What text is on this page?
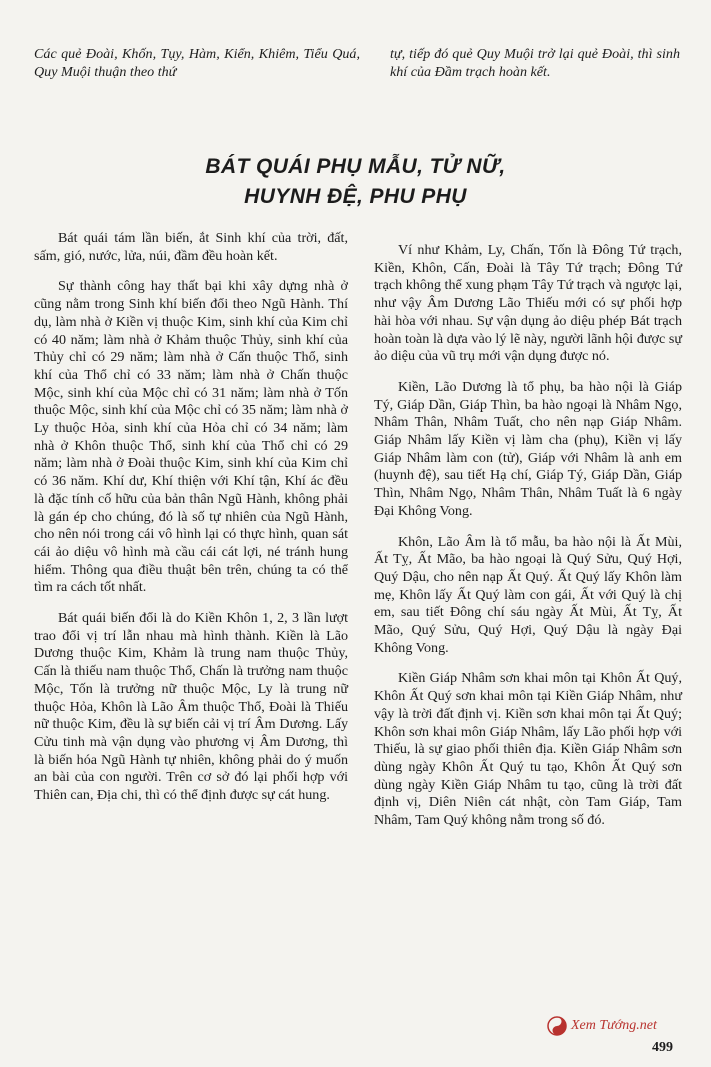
Các quẻ Đoài, Khốn, Tụy, Hàm, Kiển, Khiêm, Tiểu Quá, Quy Muội thuận theo thứ

tự, tiếp đó quẻ Quy Muội trở lại quẻ Đoài, thì sinh khí của Đầm trạch hoàn kết.

BÁT QUÁI PHỤ MẪU, TỬ NỮ,
HUYNH ĐỆ, PHU PHỤ

Bát quái tám lần biến, ắt Sinh khí của trời, đất, sấm, gió, nước, lửa, núi, đầm đều hoàn kết.

Sự thành công hay thất bại khi xây dựng nhà ở cũng nằm trong Sinh khí biến đổi theo Ngũ Hành. Thí dụ, làm nhà ở Kiền vị thuộc Kim, sinh khí của Kim chỉ có 40 năm; làm nhà ở Khảm thuộc Thủy, sinh khí của Thủy chỉ có 29 năm; làm nhà ở Cấn thuộc Thổ, sinh khí của Thổ chỉ có 33 năm; làm nhà ở Chấn thuộc Mộc, sinh khí của Mộc chỉ có 31 năm; làm nhà ở Tốn thuộc Mộc, sinh khí của Mộc chỉ có 35 năm; làm nhà ở Ly thuộc Hỏa, sinh khí của Hỏa chỉ có 34 năm; làm nhà ở Khôn thuộc Thổ, sinh khí của Thổ chỉ có 29 năm; làm nhà ở Đoài thuộc Kim, sinh khí của Kim chỉ có 36 năm. Khí dư, Khí thiện với Khí tận, Khí ác đều là đặc tính cố hữu của bản thân Ngũ Hành, không phải là gán ép cho chúng, đó là số tự nhiên của Ngũ Hành, cho nên nói trong cái vô hình lại có thực hình, quan sát cái ảo diệu vô hình mà cầu cái cát lợi, né tránh hung hiểm. Thông qua điều thuật bên trên, chúng ta có thể tìm ra cách tốt nhất.

Bát quái biến đổi là do Kiền Khôn 1, 2, 3 lần lượt trao đổi vị trí lẫn nhau mà hình thành. Kiền là Lão Dương thuộc Kim, Khảm là trung nam thuộc Thủy, Cấn là thiếu nam thuộc Thổ, Chấn là trưởng nam thuộc Mộc, Tốn là trưởng nữ thuộc Mộc, Ly là trung nữ thuộc Hỏa, Khôn là Lão Âm thuộc Thổ, Đoài là Thiếu nữ thuộc Kim, đều là sự biến cải vị trí Âm Dương. Lấy Cửu tinh mà vận dụng vào phương vị Âm Dương, thì là biến hóa Ngũ Hành tự nhiên, không phải do ý muốn an bài của con người. Trên cơ sở đó lại phối hợp với Thiên can, Địa chi, thì có thể định được sự cát hung.

Ví như Khảm, Ly, Chấn, Tốn là Đông Tứ trạch, Kiền, Khôn, Cấn, Đoài là Tây Tứ trạch; Đông Tứ trạch không thể xung phạm Tây Tứ trạch và ngược lại, như vậy Âm Dương Lão Thiếu mới có sự phối hợp hài hòa với nhau. Sự vận dụng ảo diệu phép Bát trạch hoàn toàn là dựa vào lý lẽ này, người lãnh hội được sự ảo diệu của vũ trụ mới vận dụng được nó.

Kiền, Lão Dương là tổ phụ, ba hào nội là Giáp Tý, Giáp Dần, Giáp Thìn, ba hào ngoại là Nhâm Ngọ, Nhâm Thân, Nhâm Tuất, cho nên nạp Giáp Nhâm. Giáp Nhâm lấy Kiền vị làm cha (phụ), Kiền vị lấy Giáp Nhâm làm con (tử), Giáp với Nhâm là anh em (huynh đệ), sau tiết Hạ chí, Giáp Tý, Giáp Dần, Giáp Thìn, Nhâm Ngọ, Nhâm Thân, Nhâm Tuất là 6 ngày Đại Không Vong.

Khôn, Lão Âm là tổ mẫu, ba hào nội là Ất Mùi, Ất Tỵ, Ất Mão, ba hào ngoại là Quý Sửu, Quý Hợi, Quý Dậu, cho nên nạp Ất Quý. Ất Quý lấy Khôn làm mẹ, Khôn lấy Ất Quý làm con gái, Ất với Quý là chị em, sau tiết Đông chí sáu ngày Ất Mùi, Ất Tỵ, Ất Mão, Quý Sửu, Quý Hợi, Quý Dậu là ngày Đại Không Vong.

Kiền Giáp Nhâm sơn khai môn tại Khôn Ất Quý, Khôn Ất Quý sơn khai môn tại Kiền Giáp Nhâm, như vậy là trời đất định vị. Kiền sơn khai môn tại Ất Quý; Khôn sơn khai môn Giáp Nhâm, lấy Lão phối hợp với Thiếu, là sự giao phối thiên địa. Kiền Giáp Nhâm sơn dùng ngày Khôn Ất Quý tu tạo, Khôn Ất Quý sơn dùng ngày Kiền Giáp Nhâm tu tạo, cũng là trời đất định vị, Diên Niên cát nhật, còn Tam Giáp, Tam Nhâm, Tam Quý không nằm trong số đó.

Xem Tướng.net
499
